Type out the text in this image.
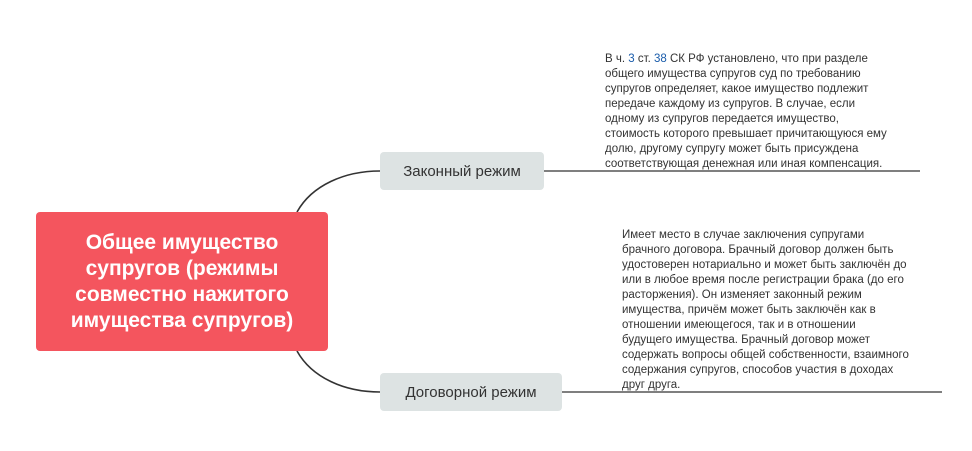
Общее имущество супругов (режимы совместно нажитого имущества супругов)
Законный режим
Договорной режим
В ч. 3 ст. 38 СК РФ установлено, что при разделе
общего имущества супругов суд по требованию
супругов определяет, какое имущество подлежит
передаче каждому из супругов. В случае, если
одному из супругов передается имущество,
стоимость которого превышает причитающуюся ему
долю, другому супругу может быть присуждена
соответствующая денежная или иная компенсация.
Имеет место в случае заключения супругами
брачного договора. Брачный договор должен быть
удостоверен нотариально и может быть заключён до
или в любое время после регистрации брака (до его
расторжения). Он изменяет законный режим
имущества, причём может быть заключён как в
отношении имеющегося, так и в отношении
будущего имущества. Брачный договор может
содержать вопросы общей собственности, взаимного
содержания супругов, способов участия в доходах
друг друга.
